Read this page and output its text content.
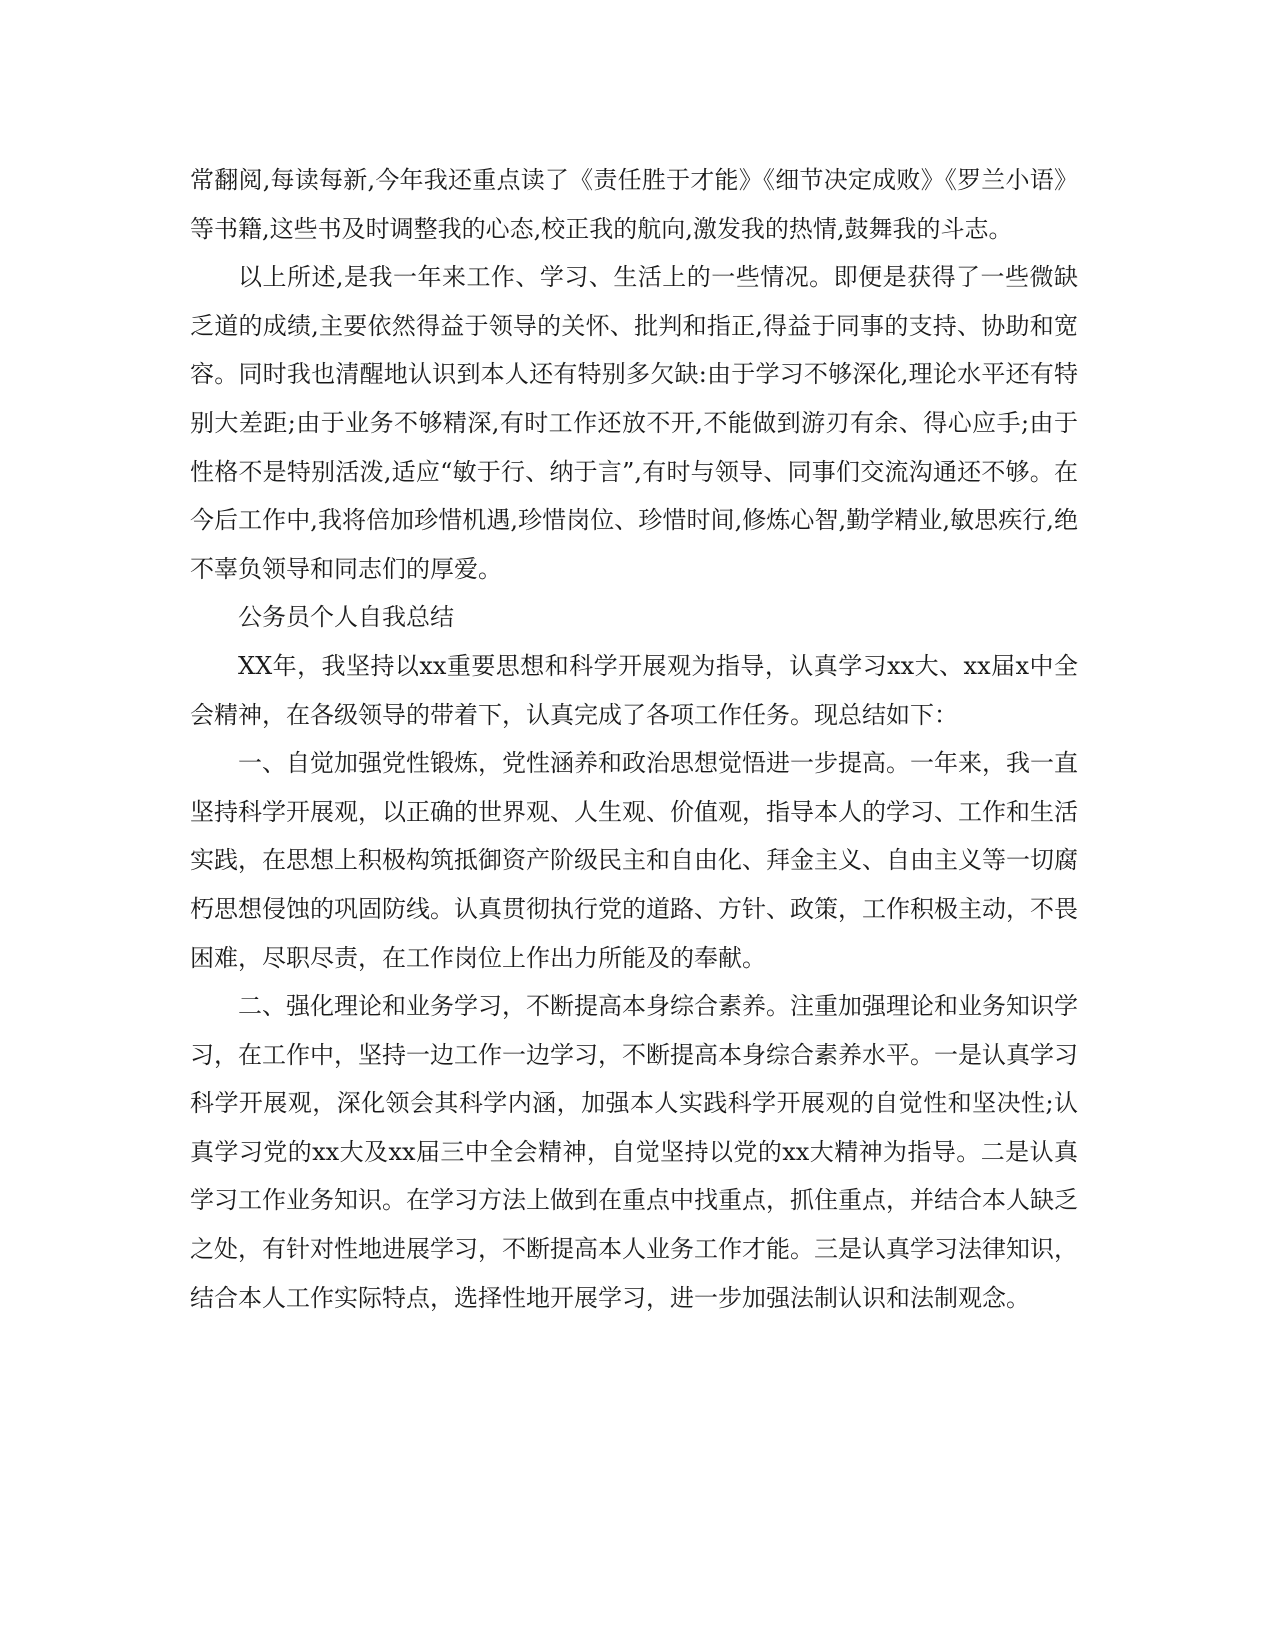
常翻阅,每读每新,今年我还重点读了《责任胜于才能》《细节决定成败》《罗兰小语》等书籍,这些书及时调整我的心态,校正我的航向,激发我的热情,鼓舞我的斗志。

以上所述,是我一年来工作、学习、生活上的一些情况。即便是获得了一些微缺乏道的成绩,主要依然得益于领导的关怀、批判和指正,得益于同事的支持、协助和宽容。同时我也清醒地认识到本人还有特别多欠缺:由于学习不够深化,理论水平还有特别大差距;由于业务不够精深,有时工作还放不开,不能做到游刃有余、得心应手;由于性格不是特别活泼,适应“敏于行、纳于言”,有时与领导、同事们交流沟通还不够。在今后工作中,我将倍加珍惜机遇,珍惜岗位、珍惜时间,修炼心智,勤学精业,敏思疾行,绝不辜负领导和同志们的厚爱。

公务员个人自我总结

XX年，我坚持以xx重要思想和科学开展观为指导，认真学习xx大、xx届x中全会精神，在各级领导的带着下，认真完成了各项工作任务。现总结如下：

一、自觉加强党性锻炼，党性涵养和政治思想觉悟进一步提高。一年来，我一直坚持科学开展观，以正确的世界观、人生观、价值观，指导本人的学习、工作和生活实践，在思想上积极构筑抵御资产阶级民主和自由化、拜金主义、自由主义等一切腐朽思想侵蚀的巩固防线。认真贯彻执行党的道路、方针、政策，工作积极主动，不畏困难，尽职尽责，在工作岗位上作出力所能及的奉献。

二、强化理论和业务学习，不断提高本身综合素养。注重加强理论和业务知识学习，在工作中，坚持一边工作一边学习，不断提高本身综合素养水平。一是认真学习科学开展观，深化领会其科学内涵，加强本人实践科学开展观的自觉性和坚决性;认真学习党的xx大及xx届三中全会精神，自觉坚持以党的xx大精神为指导。二是认真学习工作业务知识。在学习方法上做到在重点中找重点，抓住重点，并结合本人缺乏之处，有针对性地进展学习，不断提高本人业务工作才能。三是认真学习法律知识，结合本人工作实际特点，选择性地开展学习，进一步加强法制认识和法制观念。
